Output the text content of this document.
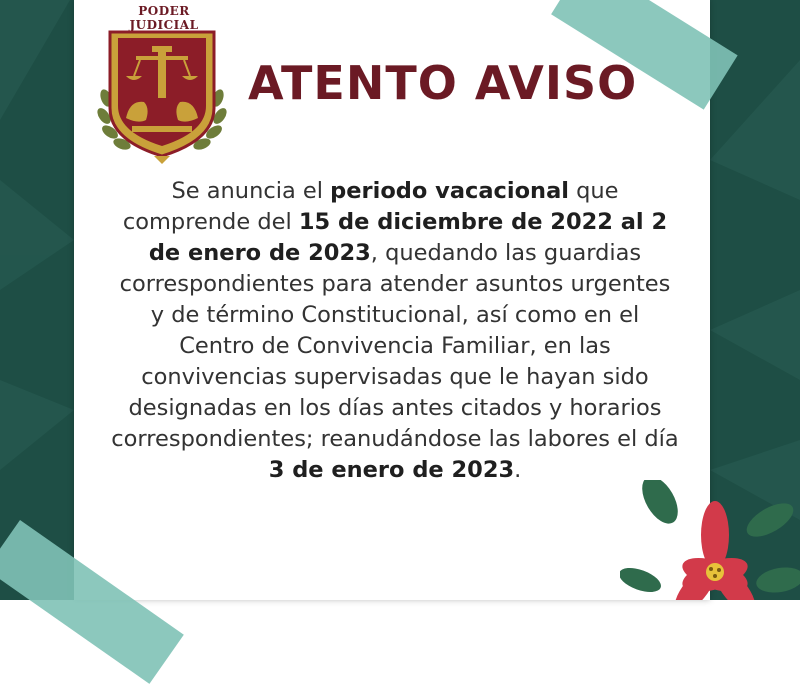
PODER JUDICIAL
ATENTO AVISO
Se anuncia el periodo vacacional que comprende del 15 de diciembre de 2022 al 2 de enero de 2023, quedando las guardias correspondientes para atender asuntos urgentes y de término Constitucional, así como en el Centro de Convivencia Familiar, en las convivencias supervisadas que le hayan sido designadas en los días antes citados y horarios correspondientes; reanudándose las labores el día 3 de enero de 2023.
